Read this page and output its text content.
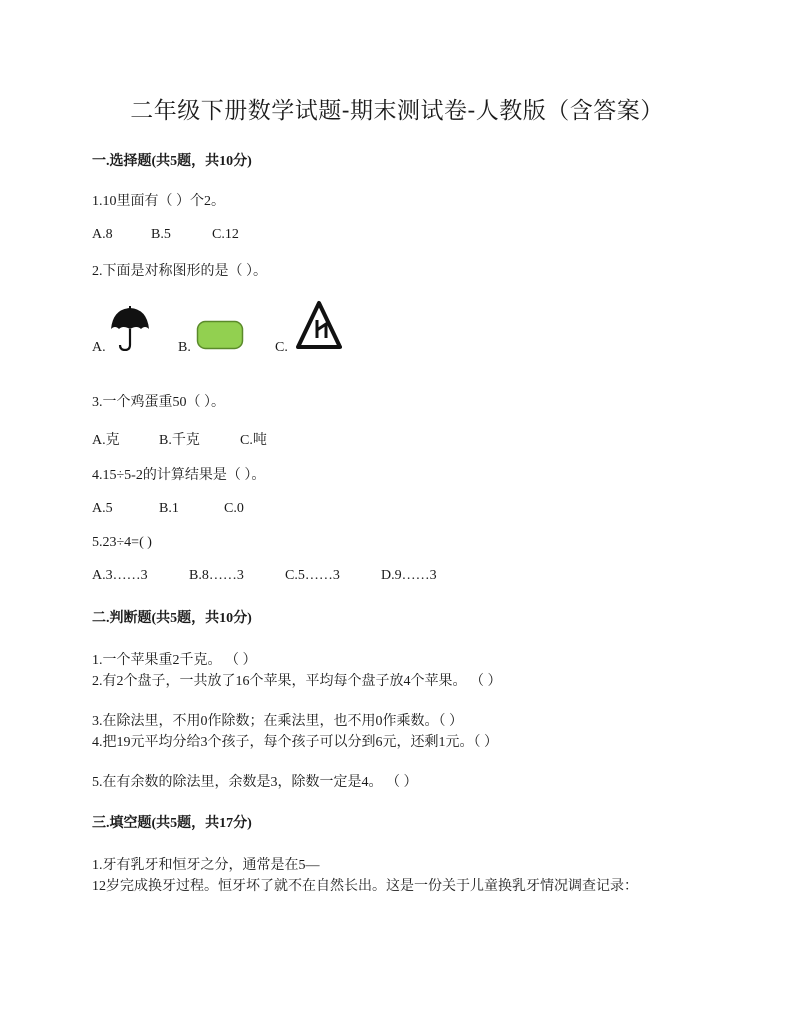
二年级下册数学试题-期末测试卷-人教版（含答案）
一.选择题(共5题，共10分)
1.10里面有（ ）个2。
A.8	B.5	C.12
2.下面是对称图形的是（ ）。
A.	B.	C.
3.一个鸡蛋重50（ ）。
A.克	B.千克	C.吨
4.15÷5-2的计算结果是（ ）。
A.5	B.1	C.0
5.23÷4=( )
A.3……3	B.8……3	C.5……3	D.9……3
二.判断题(共5题，共10分)
1.一个苹果重2千克。 （ ）
2.有2个盘子，一共放了16个苹果，平均每个盘子放4个苹果。 （ ）
3.在除法里，不用0作除数；在乘法里，也不用0作乘数。（ ）
4.把19元平均分给3个孩子，每个孩子可以分到6元，还剩1元。（ ）
5.在有余数的除法里，余数是3，除数一定是4。 （ ）
三.填空题(共5题，共17分)
1.牙有乳牙和恒牙之分，通常是在5—
12岁完成换牙过程。恒牙坏了就不在自然长出。这是一份关于儿童换乳牙情况调查记录：
